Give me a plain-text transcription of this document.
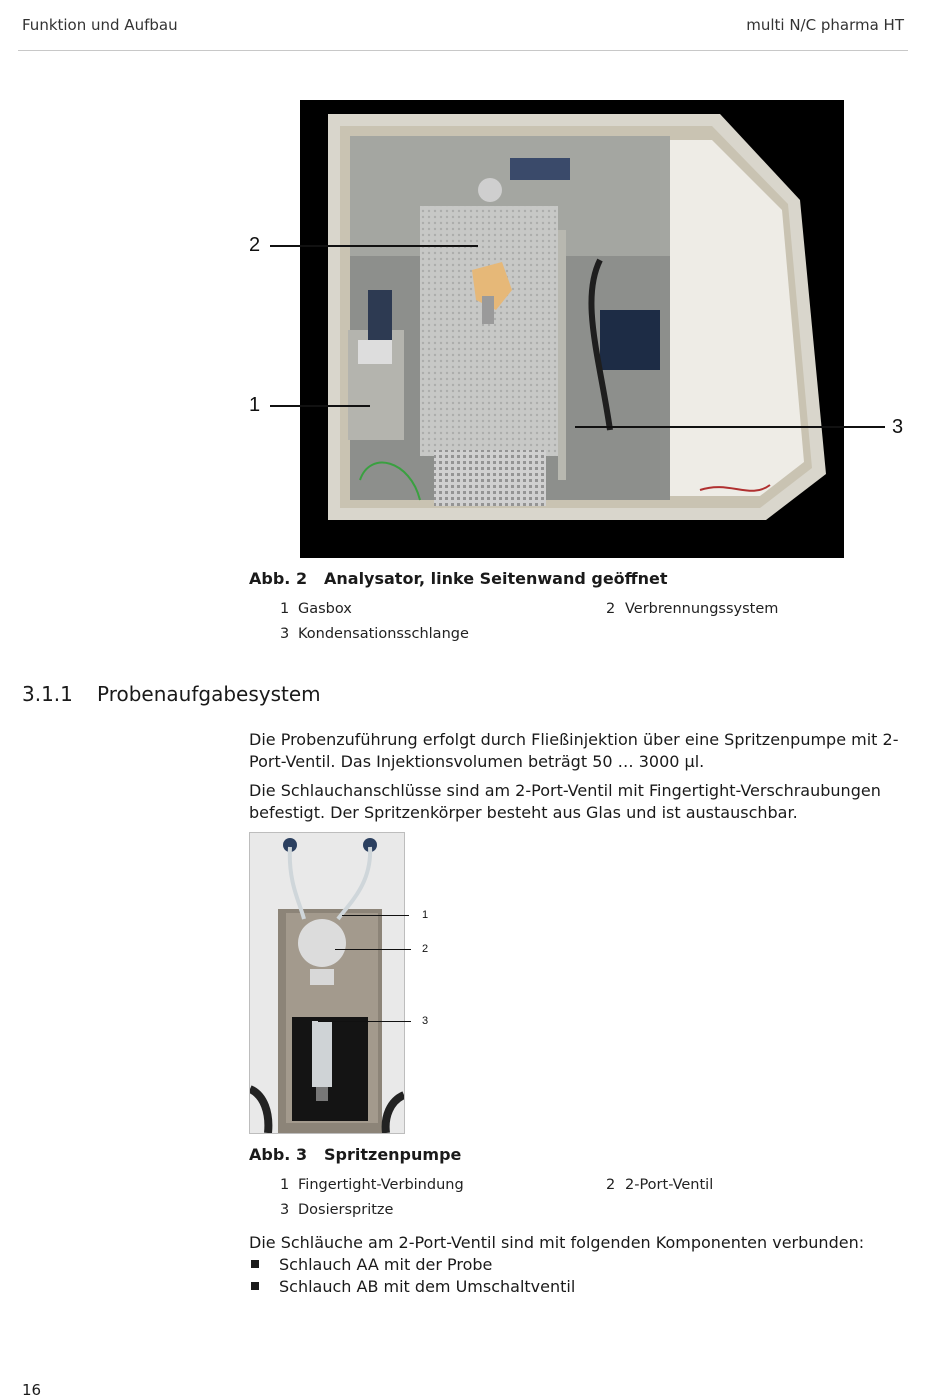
Funktion und Aufbau	multi N/C pharma HT
2
1
3
Abb. 2 Analysator, linke Seitenwand geöffnet
1 Gasbox	2 Verbrennungssystem
3 Kondensationsschlange
3.1.1 Probenaufgabesystem
Die Probenzuführung erfolgt durch Fließinjektion über eine Spritzenpumpe mit 2-Port-Ventil. Das Injektionsvolumen beträgt 50 … 3000 µl.
Die Schlauchanschlüsse sind am 2-Port-Ventil mit Fingertight-Verschraubungen befestigt. Der Spritzenkörper besteht aus Glas und ist austauschbar.
1
2
3
Abb. 3 Spritzenpumpe
1 Fingertight-Verbindung	2 2-Port-Ventil
3 Dosierspritze
Die Schläuche am 2-Port-Ventil sind mit folgenden Komponenten verbunden:
Schlauch AA mit der Probe
Schlauch AB mit dem Umschaltventil
16
